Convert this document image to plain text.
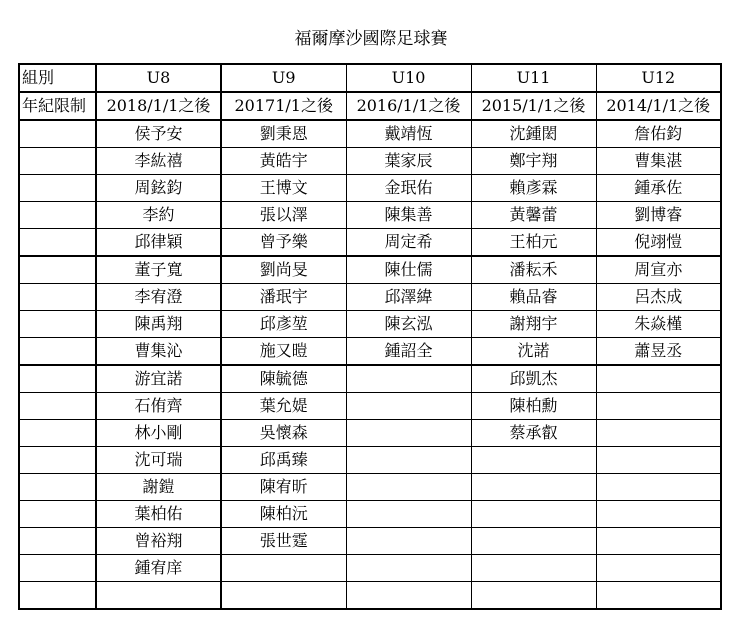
福爾摩沙國際足球賽
組別	U8	U9	U10	U11	U12
年紀限制	2018/1/1之後	20171/1之後	2016/1/1之後	2015/1/1之後	2014/1/1之後
	侯予安	劉秉恩	戴靖恆	沈鍾閎	詹佑鈞
	李紘禧	黃皓宇	葉家辰	鄭宇翔	曹集湛
	周鉉鈞	王博文	金珉佑	賴彥霖	鍾承佐
	李約	張以澤	陳集善	黃馨蕾	劉博睿
	邱律穎	曾予樂	周定希	王柏元	倪翊愷
	董子寬	劉尚旻	陳仕儒	潘耘禾	周宣亦
	李宥澄	潘珉宇	邱澤緯	賴品睿	呂杰成
	陳禹翔	邱彥堃	陳玄泓	謝翔宇	朱焱槿
	曹集沁	施又暟	鍾詔全	沈諾	蕭昱丞
	游宜諾	陳毓德		邱凱杰	
	石侑齊	葉允媞		陳柏勳	
	林小剛	吳懷森		蔡承叡	
	沈可瑞	邱禹臻			
	謝鎧	陳宥昕			
	葉柏佑	陳柏沅			
	曾裕翔	張世霆			
	鍾宥庠				
